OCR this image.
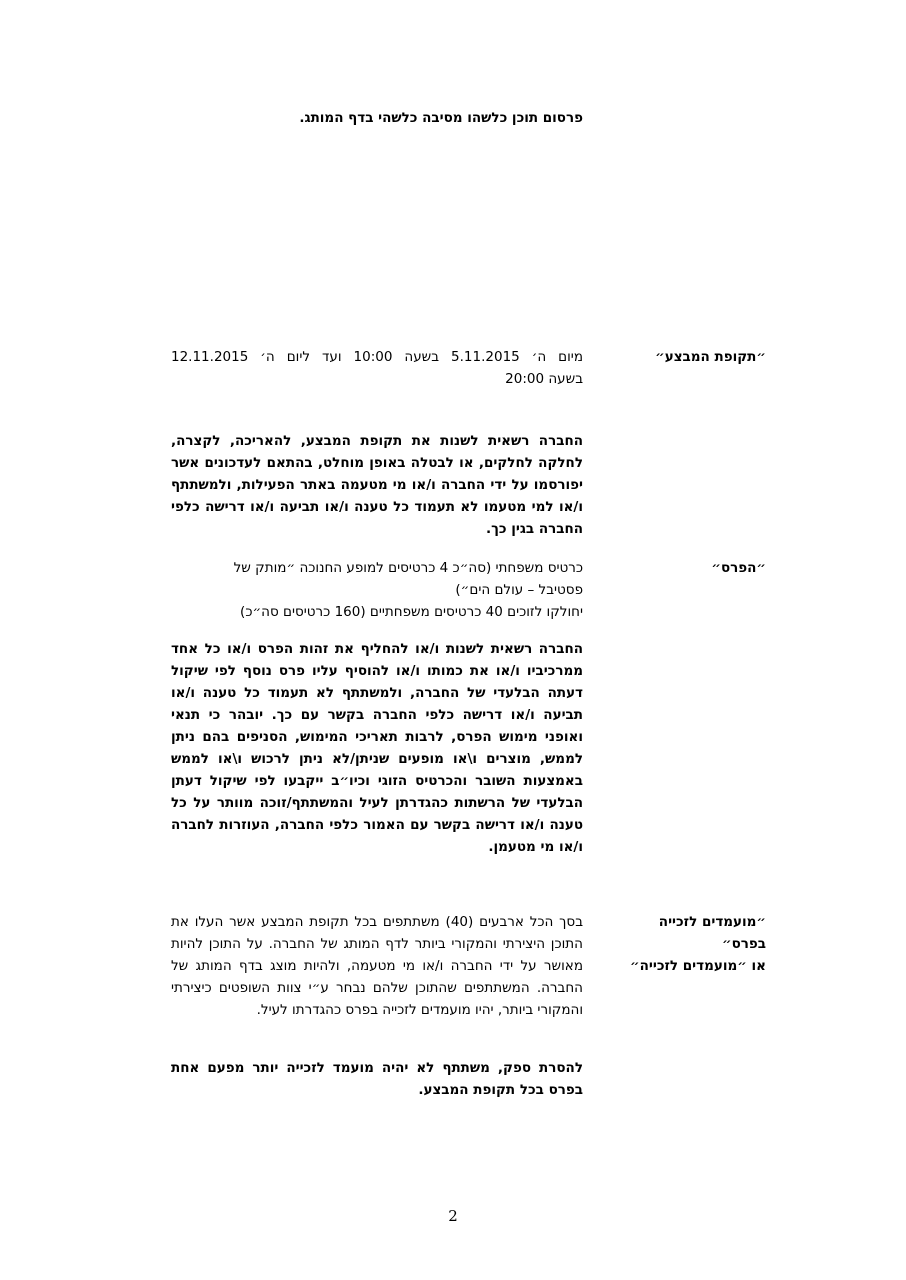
פרסום תוכן כלשהו מסיבה כלשהי בדף המותג.
״תקופת המבצע״
מיום ה׳ 5.11.2015 בשעה 10:00 ועד ליום ה׳ 12.11.2015
בשעה 20:00
החברה רשאית לשנות את תקופת המבצע, להאריכה, לקצרה, לחלקה לחלקים, או לבטלה באופן מוחלט, בהתאם לעדכונים אשר יפורסמו על ידי החברה ו/או מי מטעמה באתר הפעילות, ולמשתתף ו/או למי מטעמו לא תעמוד כל טענה ו/או תביעה ו/או דרישה כלפי החברה בגין כך.
״הפרס״
כרטיס משפחתי (סה״כ 4 כרטיסים למופע החנוכה ״מותק של
פסטיבל – עולם הים״)
יחולקו לזוכים 40 כרטיסים משפחתיים (160 כרטיסים סה״כ)
החברה רשאית לשנות ו/או להחליף את זהות הפרס ו/או כל אחד ממרכיביו ו/או את כמותו ו/או להוסיף עליו פרס נוסף לפי שיקול דעתה הבלעדי של החברה, ולמשתתף לא תעמוד כל טענה ו/או תביעה ו/או דרישה כלפי החברה בקשר עם כך. יובהר כי תנאי ואופני מימוש הפרס, לרבות תאריכי המימוש, הסניפים בהם ניתן לממש, מוצרים ו\או מופעים שניתן/לא ניתן לרכוש ו\או לממש באמצעות השובר והכרטיס הזוגי וכיו״ב ייקבעו לפי שיקול דעתן הבלעדי של הרשתות כהגדרתן לעיל והמשתתף/זוכה מוותר על כל טענה ו/או דרישה בקשר עם האמור כלפי החברה, העוזרות לחברה ו/או מי מטעמן.
״מועמדים לזכייה
בפרס״
או ״מועמדים לזכייה״
בסך הכל ארבעים (40) משתתפים בכל תקופת המבצע אשר העלו את התוכן היצירתי והמקורי ביותר לדף המותג של החברה. על התוכן להיות מאושר על ידי החברה ו/או מי מטעמה, ולהיות מוצג בדף המותג של החברה. המשתתפים שהתוכן שלהם נבחר ע״י צוות השופטים כיצירתי והמקורי ביותר, יהיו מועמדים לזכייה בפרס כהגדרתו לעיל.
להסרת ספק, משתתף לא יהיה מועמד לזכייה יותר מפעם אחת בפרס בכל תקופת המבצע.
2
